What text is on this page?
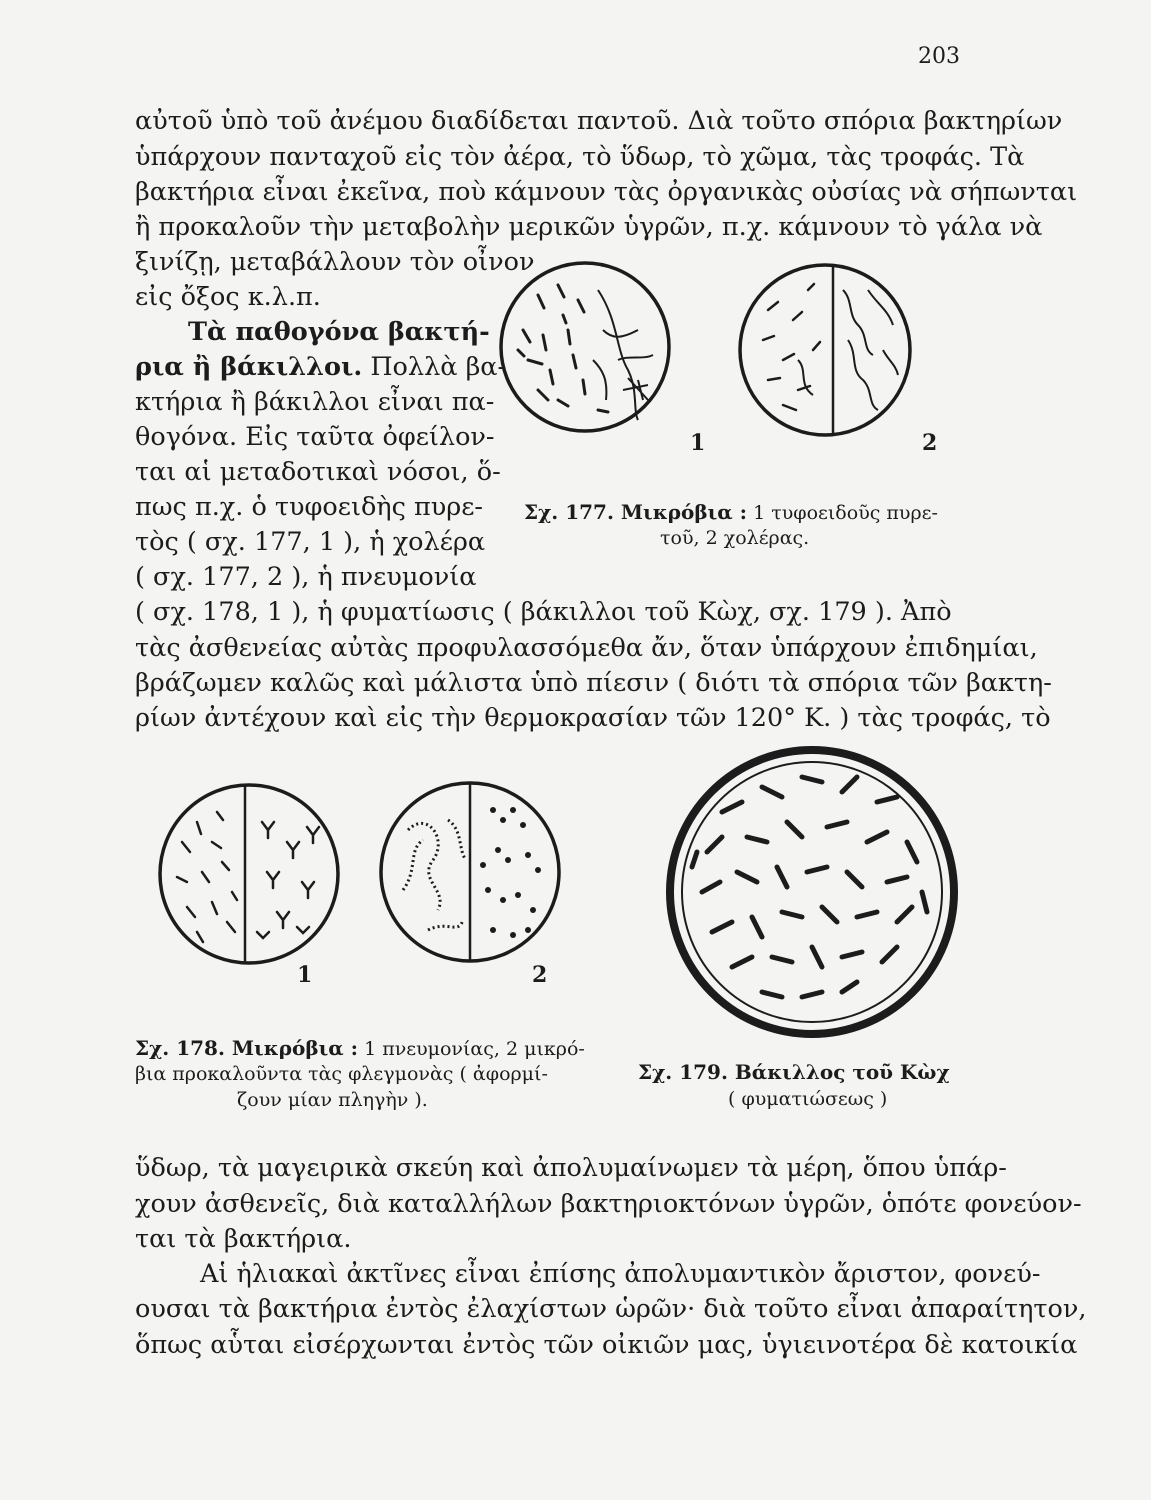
203
αὐτοῦ ὑπὸ τοῦ ἀνέμου διαδίδεται παντοῦ. Διὰ τοῦτο σπόρια βακτηρίων
ὑπάρχουν πανταχοῦ εἰς τὸν ἀέρα, τὸ ὕδωρ, τὸ χῶμα, τὰς τροφάς. Τὰ
βακτήρια εἶναι ἐκεῖνα, ποὺ κάμνουν τὰς ὀργανικὰς οὐσίας νὰ σήπωνται
ἢ προκαλοῦν τὴν μεταβολὴν μερικῶν ὑγρῶν, π.χ. κάμνουν τὸ γάλα νὰ
ξινίζῃ, μεταβάλλουν τὸν οἶνον
εἰς ὄξος κ.λ.π.
Τὰ παθογόνα βακτή-
ρια ἢ βάκιλλοι. Πολλὰ βα-
κτήρια ἢ βάκιλλοι εἶναι πα-
θογόνα. Εἰς ταῦτα ὀφείλον-
ται αἱ μεταδοτικαὶ νόσοι, ὅ-
πως π.χ. ὁ τυφοειδὴς πυρε-
τὸς ( σχ. 177, 1 ), ἡ χολέρα
( σχ. 177, 2 ), ἡ πνευμονία
1	2
Σχ. 177. Μικρόβια : 1 τυφοειδοῦς πυρε-
τοῦ, 2 χολέρας.
( σχ. 178, 1 ), ἡ φυματίωσις ( βάκιλλοι τοῦ Κὼχ, σχ. 179 ). Ἀπὸ
τὰς ἀσθενείας αὐτὰς προφυλασσόμεθα ἄν, ὅταν ὑπάρχουν ἐπιδημίαι,
βράζωμεν καλῶς καὶ μάλιστα ὑπὸ πίεσιν ( διότι τὰ σπόρια τῶν βακτη-
ρίων ἀντέχουν καὶ εἰς τὴν θερμοκρασίαν τῶν 120° Κ. ) τὰς τροφάς, τὸ
1	2
Σχ. 178. Μικρόβια : 1 πνευμονίας, 2 μικρό-
βια προκαλοῦντα τὰς φλεγμονὰς ( ἀφορμί-
ζουν μίαν πληγὴν ).
Σχ. 179. Βάκιλλος τοῦ Κὼχ
( φυματιώσεως )
ὕδωρ, τὰ μαγειρικὰ σκεύη καὶ ἀπολυμαίνωμεν τὰ μέρη, ὅπου ὑπάρ-
χουν ἀσθενεῖς, διὰ καταλλήλων βακτηριοκτόνων ὑγρῶν, ὁπότε φονεύον-
ται τὰ βακτήρια.
Αἱ ἡλιακαὶ ἀκτῖνες εἶναι ἐπίσης ἀπολυμαντικὸν ἄριστον, φονεύ-
ουσαι τὰ βακτήρια ἐντὸς ἐλαχίστων ὡρῶν· διὰ τοῦτο εἶναι ἀπαραίτητον,
ὅπως αὗται εἰσέρχωνται ἐντὸς τῶν οἰκιῶν μας, ὑγιεινοτέρα δὲ κατοικία
